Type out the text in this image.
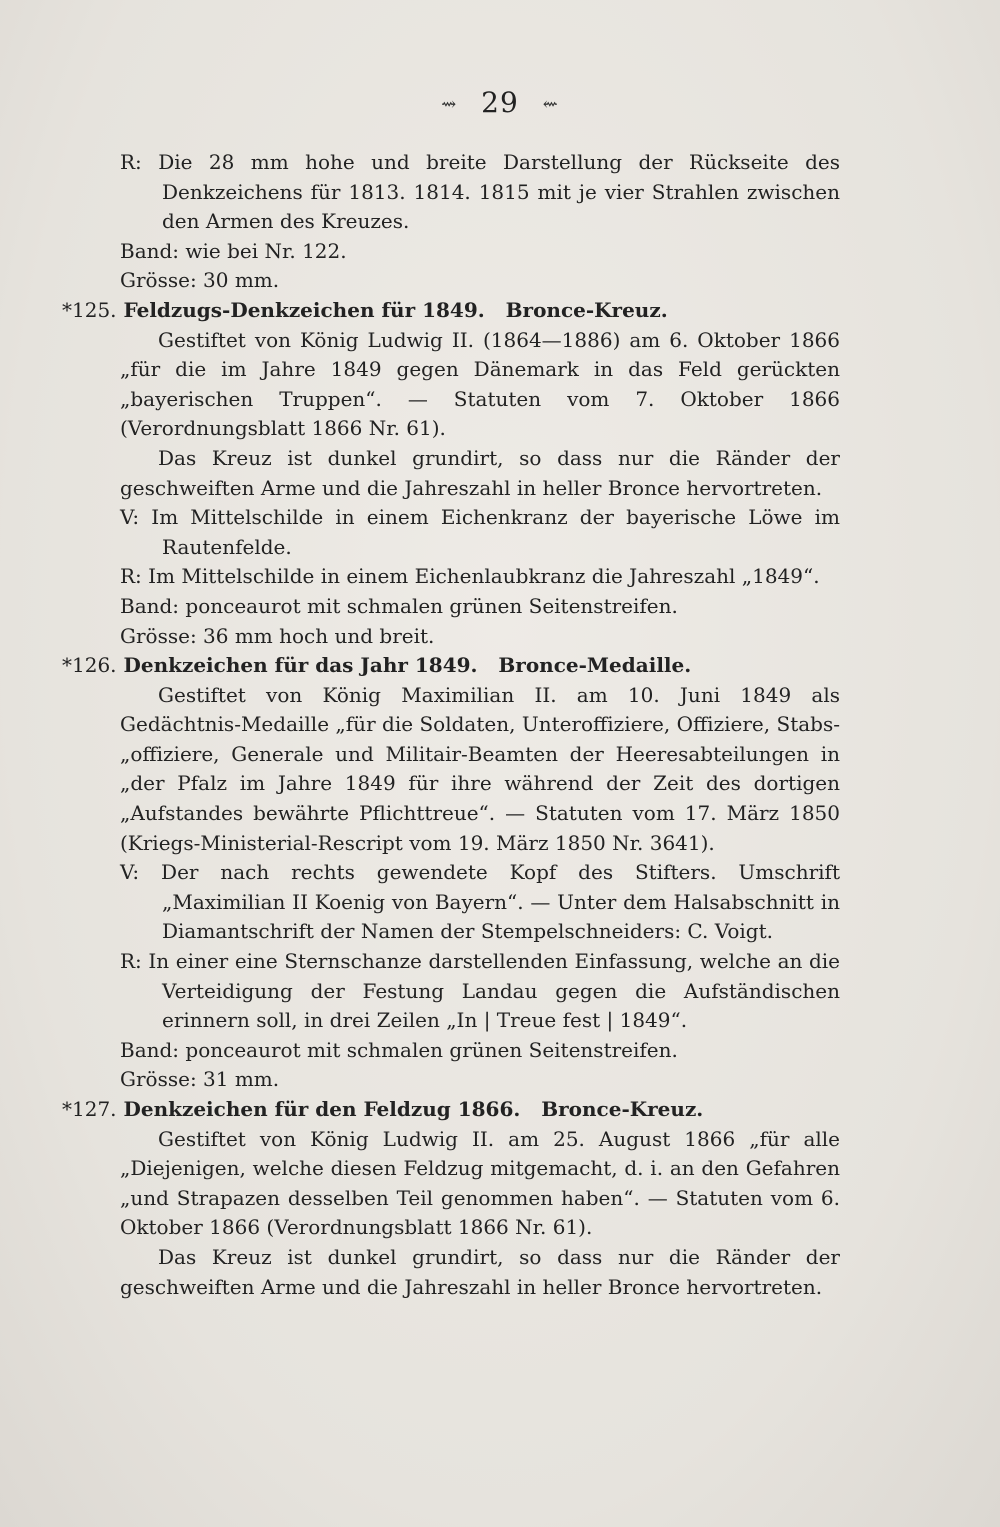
⇝ 29 ⇜

R: Die 28 mm hohe und breite Darstellung der Rückseite des Denkzeichens für 1813. 1814. 1815 mit je vier Strahlen zwischen den Armen des Kreuzes.

Band: wie bei Nr. 122.

Grösse: 30 mm.

*125. Feldzugs-Denkzeichen für 1849. Bronce-Kreuz.

Gestiftet von König Ludwig II. (1864—1886) am 6. Oktober 1866 „für die im Jahre 1849 gegen Dänemark in das Feld gerückten „bayerischen Truppen“. — Statuten vom 7. Oktober 1866 (Verordnungsblatt 1866 Nr. 61).

Das Kreuz ist dunkel grundirt, so dass nur die Ränder der geschweiften Arme und die Jahreszahl in heller Bronce hervortreten.

V: Im Mittelschilde in einem Eichenkranz der bayerische Löwe im Rautenfelde.

R: Im Mittelschilde in einem Eichenlaubkranz die Jahreszahl „1849“.

Band: ponceaurot mit schmalen grünen Seitenstreifen.

Grösse: 36 mm hoch und breit.

*126. Denkzeichen für das Jahr 1849. Bronce-Medaille.

Gestiftet von König Maximilian II. am 10. Juni 1849 als Gedächtnis-Medaille „für die Soldaten, Unteroffiziere, Offiziere, Stabs- „offiziere, Generale und Militair-Beamten der Heeresabteilungen in „der Pfalz im Jahre 1849 für ihre während der Zeit des dortigen „Aufstandes bewährte Pflichttreue“. — Statuten vom 17. März 1850 (Kriegs-Ministerial-Rescript vom 19. März 1850 Nr. 3641).

V: Der nach rechts gewendete Kopf des Stifters. Umschrift „Maximilian II Koenig von Bayern“. — Unter dem Halsabschnitt in Diamantschrift der Namen der Stempelschneiders: C. Voigt.

R: In einer eine Sternschanze darstellenden Einfassung, welche an die Verteidigung der Festung Landau gegen die Aufständischen erinnern soll, in drei Zeilen „In | Treue fest | 1849“.

Band: ponceaurot mit schmalen grünen Seitenstreifen.

Grösse: 31 mm.

*127. Denkzeichen für den Feldzug 1866. Bronce-Kreuz.

Gestiftet von König Ludwig II. am 25. August 1866 „für alle „Diejenigen, welche diesen Feldzug mitgemacht, d. i. an den Gefahren „und Strapazen desselben Teil genommen haben“. — Statuten vom 6. Oktober 1866 (Verordnungsblatt 1866 Nr. 61).

Das Kreuz ist dunkel grundirt, so dass nur die Ränder der geschweiften Arme und die Jahreszahl in heller Bronce hervortreten.
